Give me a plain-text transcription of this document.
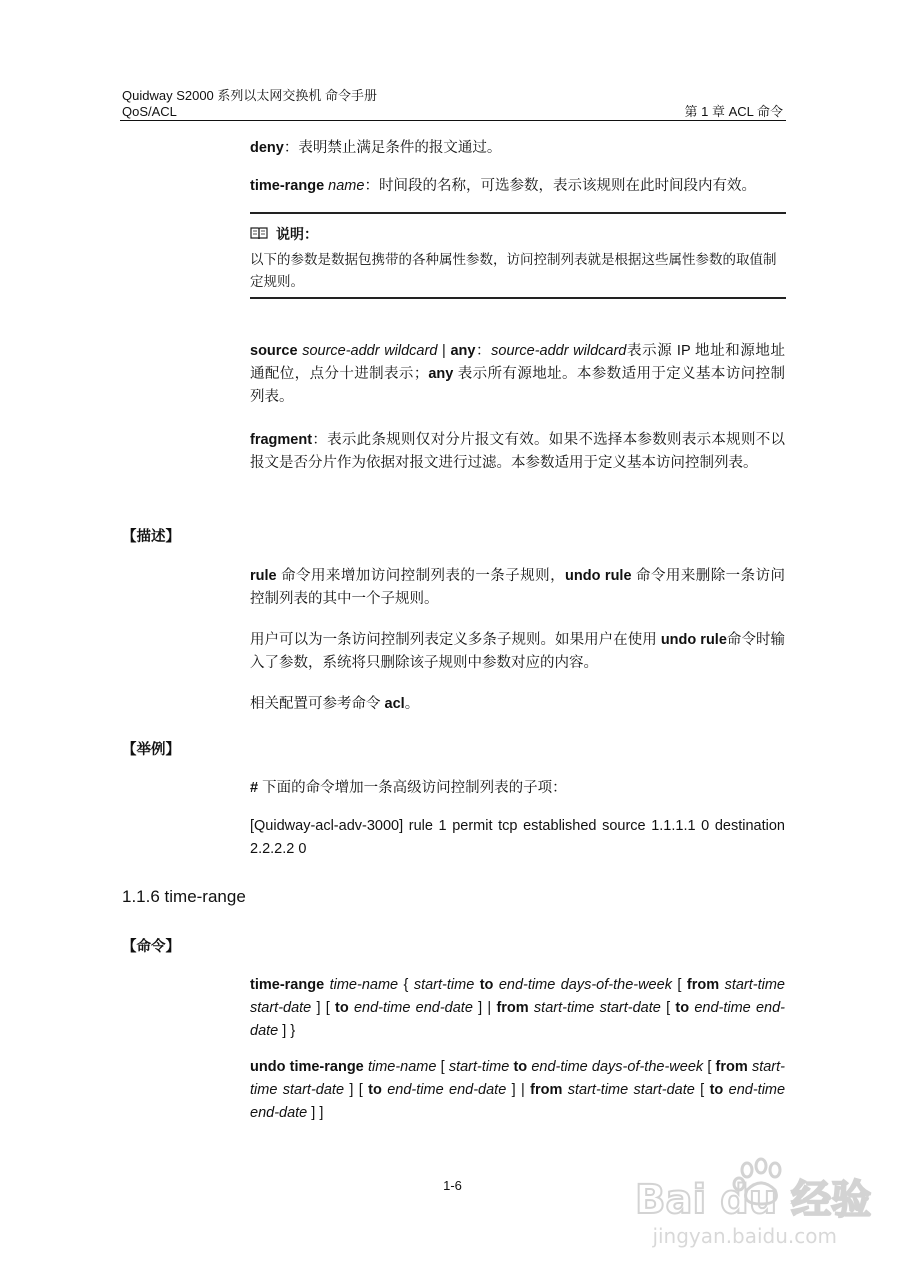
Quidway S2000 系列以太网交换机 命令手册
QoS/ACL	第 1 章 ACL 命令
deny：表明禁止满足条件的报文通过。
time-range name：时间段的名称，可选参数，表示该规则在此时间段内有效。
说明：
以下的参数是数据包携带的各种属性参数，访问控制列表就是根据这些属性参数的取值制定规则。
source source-addr wildcard | any：source-addr wildcard表示源 IP 地址和源地址通配位，点分十进制表示；any 表示所有源地址。本参数适用于定义基本访问控制列表。
fragment：表示此条规则仅对分片报文有效。如果不选择本参数则表示本规则不以报文是否分片作为依据对报文进行过滤。本参数适用于定义基本访问控制列表。
【描述】
rule 命令用来增加访问控制列表的一条子规则，undo rule 命令用来删除一条访问控制列表的其中一个子规则。
用户可以为一条访问控制列表定义多条子规则。如果用户在使用 undo rule命令时输入了参数，系统将只删除该子规则中参数对应的内容。
相关配置可参考命令 acl。
【举例】
# 下面的命令增加一条高级访问控制列表的子项：
[Quidway-acl-adv-3000] rule 1 permit tcp established source 1.1.1.1 0 destination 2.2.2.2 0
1.1.6 time-range
【命令】
time-range time-name { start-time to end-time days-of-the-week [ from start-time start-date ] [ to end-time end-date ] | from start-time start-date [ to end-time end-date ] }
undo time-range time-name [ start-time to end-time days-of-the-week [ from start-time start-date ] [ to end-time end-date ] | from start-time start-date [ to end-time end-date ] ]
1-6	Bai du 经验
jingyan.baidu.com
